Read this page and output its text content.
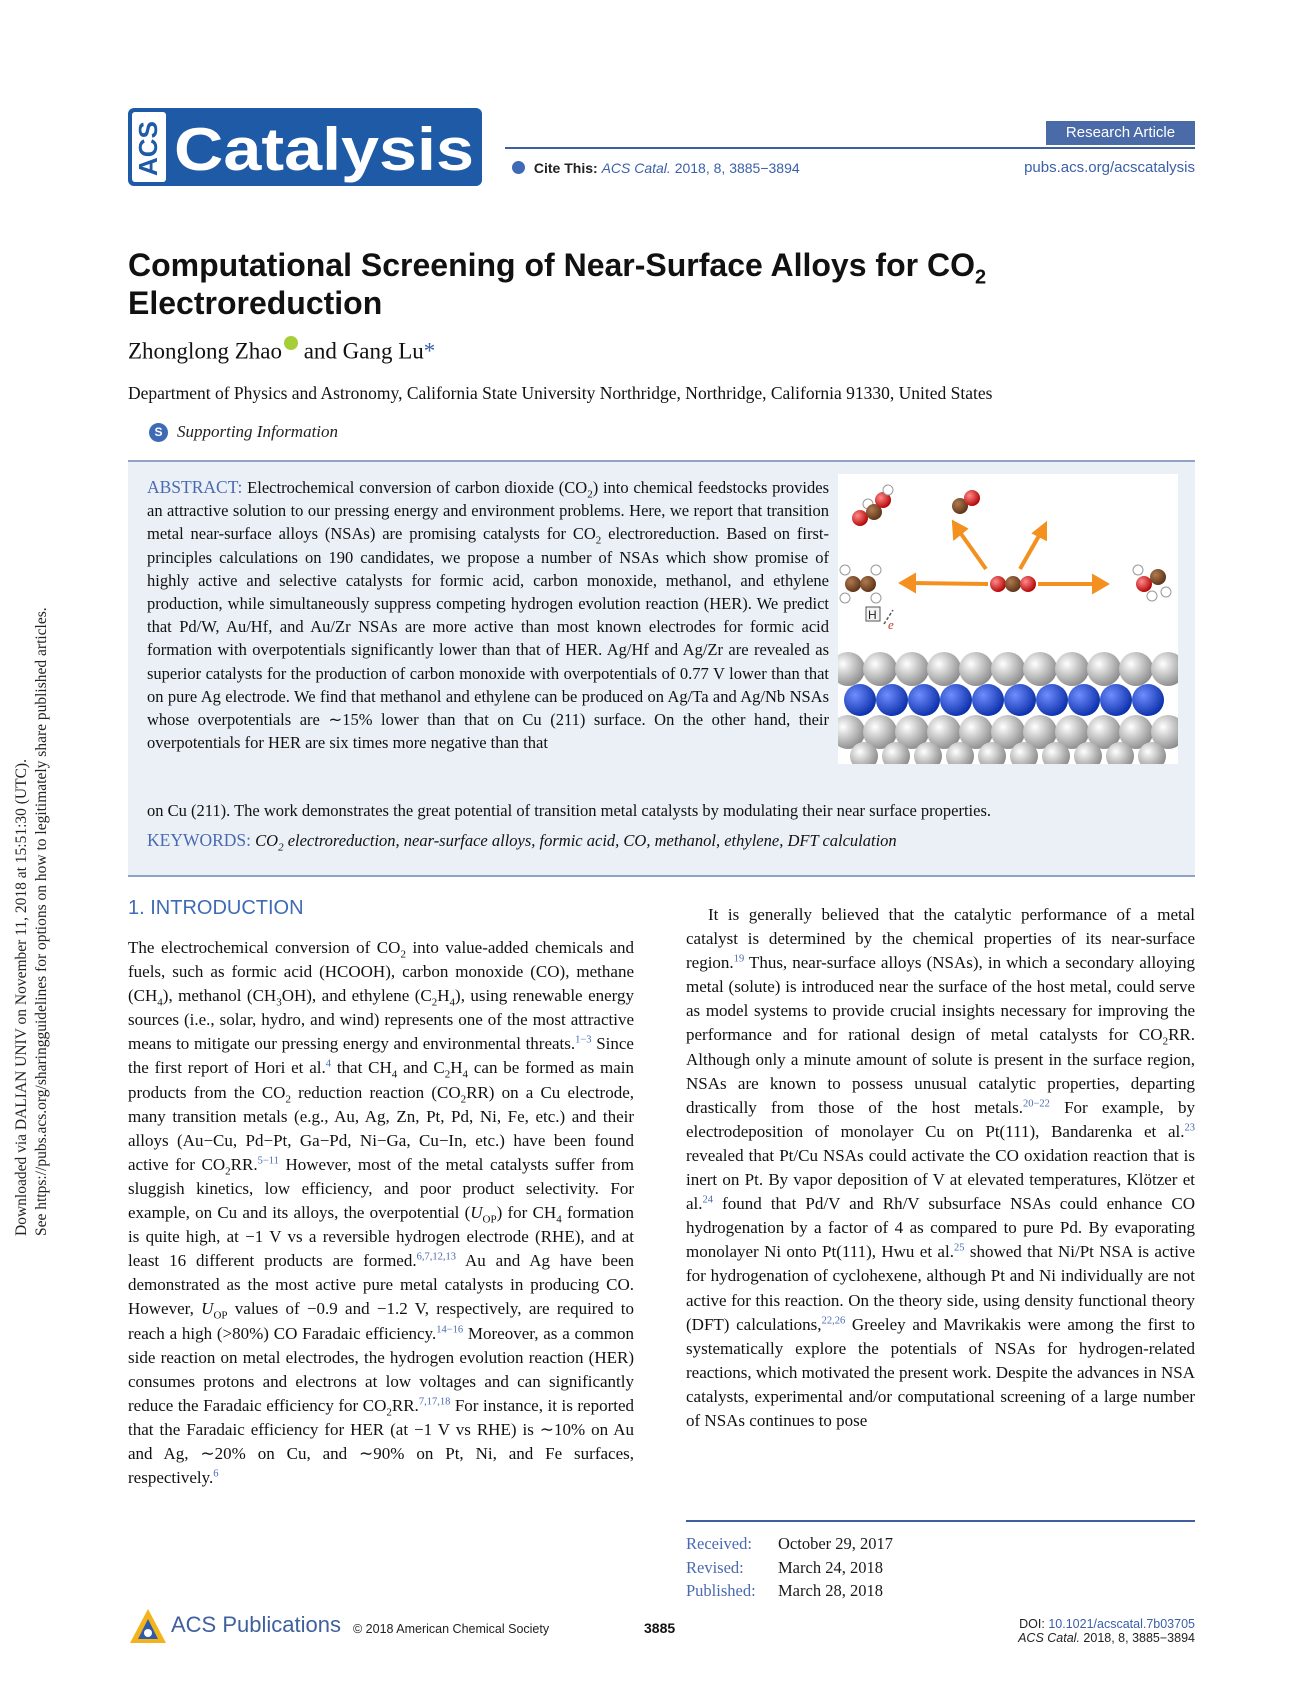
Downloaded via DALIAN UNIV on November 11, 2018 at 15:51:30 (UTC). See https://pubs.acs.org/sharingguidelines for options on how to legitimately share published articles.
ACS Catalysis	Research Article
Cite This: ACS Catal. 2018, 8, 3885−3894	pubs.acs.org/acscatalysis
Computational Screening of Near-Surface Alloys for $CO_2$
Electroreduction
Zhonglong Zhao and Gang Lu*
Department of Physics and Astronomy, California State University Northridge, Northridge, California 91330, United States
S Supporting Information
ABSTRACT: Electrochemical conversion of carbon dioxide $(CO_2)$ into chemical feedstocks provides an attractive solution to our pressing energy and environment problems. Here, we report that transition metal near-surface alloys (NSAs) are promising catalysts for $CO_2$ electroreduction. Based on first-principles calculations on 190 candidates, we propose a number of NSAs which show promise of highly active and selective catalysts for formic acid, carbon monoxide, methanol, and ethylene production, while simultaneously suppress competing hydrogen evolution reaction (HER). We predict that Pd/W, Au/Hf, and Au/Zr NSAs are more active than most known electrodes for formic acid formation with overpotentials significantly lower than that of HER. Ag/Hf and Ag/Zr are revealed as superior catalysts for the production of carbon monoxide with overpotentials of 0.77 V lower than that on pure Ag electrode. We find that methanol and ethylene can be produced on Ag/Ta and Ag/Nb NSAs whose overpotentials are ∼15% lower than that on Cu (211) surface. On the other hand, their overpotentials for HER are six times more negative than that
on Cu (211). The work demonstrates the great potential of transition metal catalysts by modulating their near surface properties.
KEYWORDS: $CO_2$ electroreduction, near-surface alloys, formic acid, CO, methanol, ethylene, DFT calculation
H
e
1. INTRODUCTION
The electrochemical conversion of $CO_2$ into value-added chemicals and fuels, such as formic acid (HCOOH), carbon monoxide (CO), methane $(CH_4)$, methanol $(CH_3OH)$, and ethylene $(C_2H_4)$, using renewable energy sources (i.e., solar, hydro, and wind) represents one of the most attractive means to mitigate our pressing energy and environmental threats.$^{1-3}$ Since the first report of Hori et al.$^4$ that $CH_4$ and $C_2H_4$ can be formed as main products from the $CO_2$ reduction reaction $(CO_2RR)$ on a Cu electrode, many transition metals (e.g., Au, Ag, Zn, Pt, Pd, Ni, Fe, etc.) and their alloys (Au−Cu, Pd−Pt, Ga−Pd, Ni−Ga, Cu−In, etc.) have been found active for $CO_2RR.^{5-11}$ However, most of the metal catalysts suffer from sluggish kinetics, low efficiency, and poor product selectivity. For example, on Cu and its alloys, the overpotential $(U_{OP})$ for $CH_4$ formation is quite high, at −1 V vs a reversible hydrogen electrode (RHE), and at least 16 different products are formed.$^{6,7,12,13}$ Au and Ag have been demonstrated as the most active pure metal catalysts in producing CO. However, $U_{OP}$ values of −0.9 and −1.2 V, respectively, are required to reach a high (>80%) CO Faradaic efficiency.$^{14-16}$ Moreover, as a common side reaction on metal electrodes, the hydrogen evolution reaction (HER) consumes protons and electrons at low voltages and can significantly reduce the Faradaic efficiency for $CO_2RR.^{7,17,18}$ For instance, it is reported that the Faradaic efficiency for HER (at −1 V vs RHE) is ∼10% on Au and Ag, ∼20% on Cu, and ∼90% on Pt, Ni, and Fe surfaces, respectively.$^6$

It is generally believed that the catalytic performance of a metal catalyst is determined by the chemical properties of its near-surface region.$^{19}$ Thus, near-surface alloys (NSAs), in which a secondary alloying metal (solute) is introduced near the surface of the host metal, could serve as model systems to provide crucial insights necessary for improving the performance and for rational design of metal catalysts for $CO_2RR$. Although only a minute amount of solute is present in the surface region, NSAs are known to possess unusual catalytic properties, departing drastically from those of the host metals.$^{20-22}$ For example, by electrodeposition of monolayer Cu on Pt(111), Bandarenka et al.$^{23}$ revealed that Pt/Cu NSAs could activate the CO oxidation reaction that is inert on Pt. By vapor deposition of V at elevated temperatures, Klötzer et al.$^{24}$ found that Pd/V and Rh/V subsurface NSAs could enhance CO hydrogenation by a factor of 4 as compared to pure Pd. By evaporating monolayer Ni onto Pt(111), Hwu et al.$^{25}$ showed that Ni/Pt NSA is active for hydrogenation of cyclohexene, although Pt and Ni individually are not active for this reaction. On the theory side, using density functional theory (DFT) calculations,$^{22,26}$ Greeley and Mavrikakis were among the first to systematically explore the potentials of NSAs for hydrogen-related reactions, which motivated the present work. Despite the advances in NSA catalysts, experimental and/or computational screening of a large number of NSAs continues to pose

Received: October 29, 2017
Revised: March 24, 2018
Published: March 28, 2018
ACS Publications © 2018 American Chemical Society	3885	DOI: 10.1021/acscatal.7b03705
ACS Catal. 2018, 8, 3885−3894
